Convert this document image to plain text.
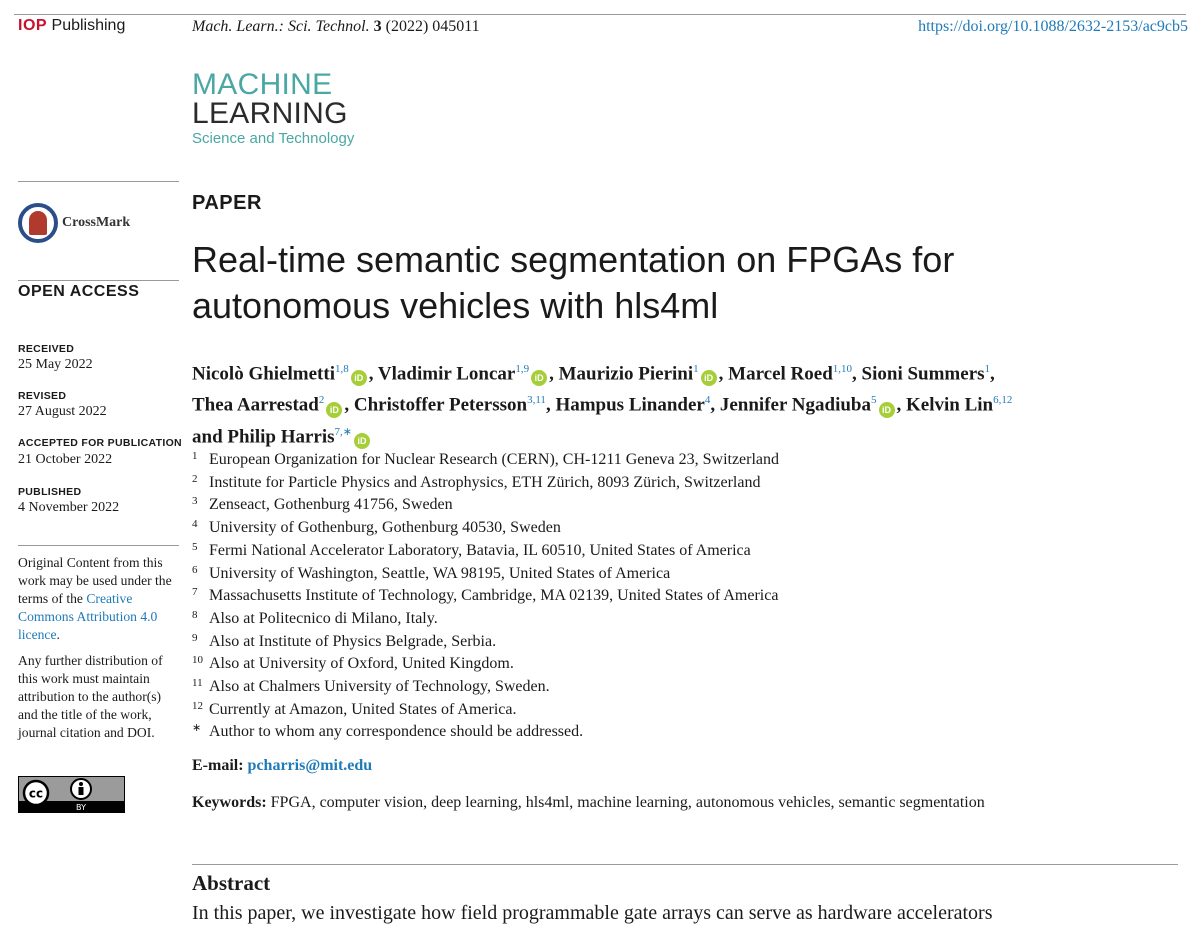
IOP Publishing	Mach. Learn.: Sci. Technol. 3 (2022) 045011	https://doi.org/10.1088/2632-2153/ac9cb5
MACHINE
LEARNING
Science and Technology
CrossMark
OPEN ACCESS
RECEIVED
25 May 2022
REVISED
27 August 2022
ACCEPTED FOR PUBLICATION
21 October 2022
PUBLISHED
4 November 2022

Original Content from this work may be used under the terms of the Creative Commons Attribution 4.0 licence.

Any further distribution of this work must maintain attribution to the author(s) and the title of the work, journal citation and DOI.

cc
BY
PAPER
Real-time semantic segmentation on FPGAs for autonomous vehicles with hls4ml
Nicolò Ghielmetti$^{1,8}$iD , Vladimir Loncar$^{1,9}$iD , Maurizio Pierini$^1$iD , Marcel Roed$^{1,10}$, Sioni Summers$^1$,
Thea Aarrestad$^2$iD , Christoffer Petersson$^{3,11}$, Hampus Linander$^4$, Jennifer Ngadiuba$^5$iD , Kelvin Lin$^{6,12}$
and Philip Harris$^{7,∗}$iD
1 European Organization for Nuclear Research (CERN), CH-1211 Geneva 23, Switzerland
2 Institute for Particle Physics and Astrophysics, ETH Zürich, 8093 Zürich, Switzerland
3 Zenseact, Gothenburg 41756, Sweden
4 University of Gothenburg, Gothenburg 40530, Sweden
5 Fermi National Accelerator Laboratory, Batavia, IL 60510, United States of America
6 University of Washington, Seattle, WA 98195, United States of America
7 Massachusetts Institute of Technology, Cambridge, MA 02139, United States of America
8 Also at Politecnico di Milano, Italy.
9 Also at Institute of Physics Belgrade, Serbia.
10 Also at University of Oxford, United Kingdom.
11 Also at Chalmers University of Technology, Sweden.
12 Currently at Amazon, United States of America.
∗ Author to whom any correspondence should be addressed.
E-mail: pcharris@mit.edu
Keywords: FPGA, computer vision, deep learning, hls4ml, machine learning, autonomous vehicles, semantic segmentation
Abstract
In this paper, we investigate how field programmable gate arrays can serve as hardware accelerators
